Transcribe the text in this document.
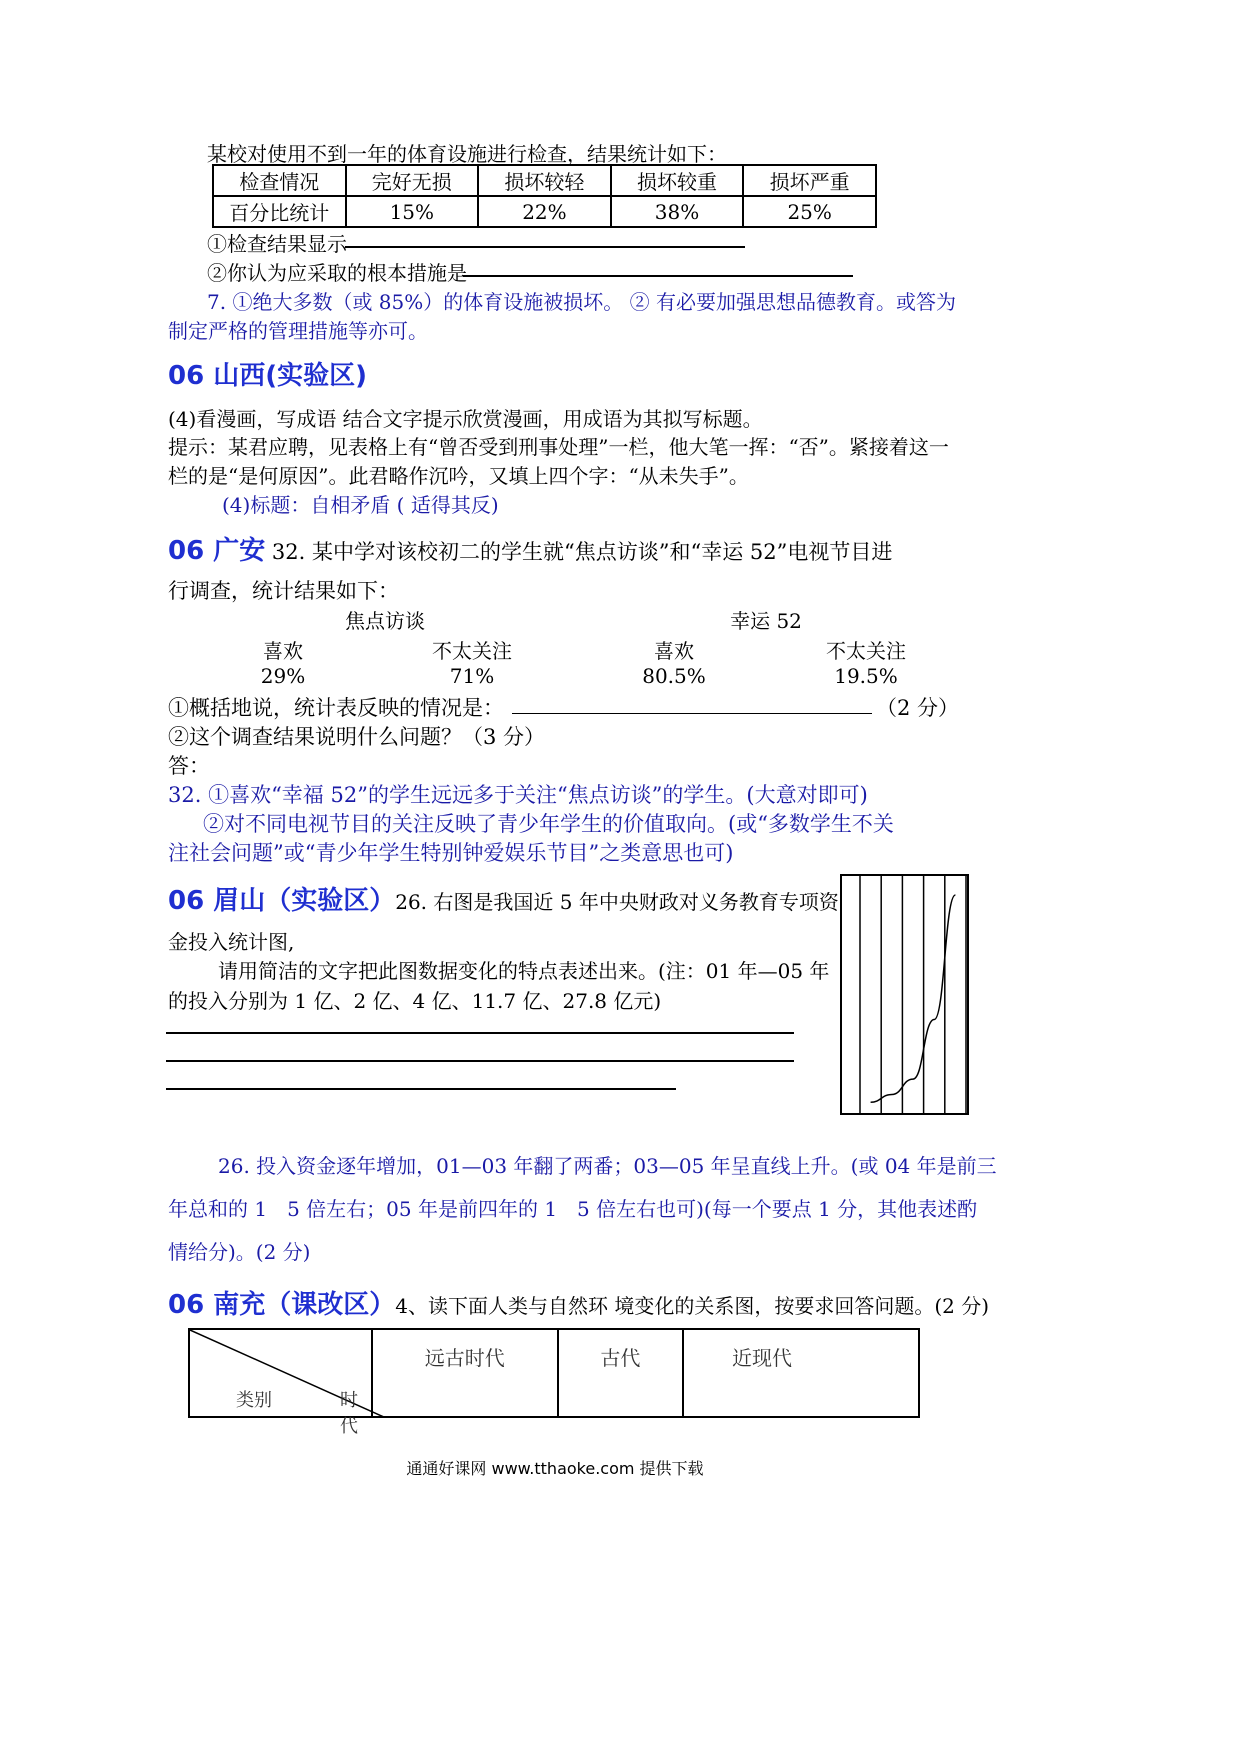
某校对使用不到一年的体育设施进行检查，结果统计如下：
检查情况	完好无损	损坏较轻	损坏较重	损坏严重
百分比统计	15%	22%	38%	25%
①检查结果显示
②你认为应采取的根本措施是
7. ①绝大多数（或 85%）的体育设施被损坏。 ② 有必要加强思想品德教育。或答为
制定严格的管理措施等亦可。
06 山西(实验区)
(4)看漫画，写成语 结合文字提示欣赏漫画，用成语为其拟写标题。
提示：某君应聘，见表格上有“曾否受到刑事处理”一栏，他大笔一挥：“否”。紧接着这一
栏的是“是何原因”。此君略作沉吟，又填上四个字：“从未失手”。
(4)标题：自相矛盾 ( 适得其反)
06 广安 32. 某中学对该校初二的学生就“焦点访谈”和“幸运 52”电视节目进
行调查，统计结果如下：
焦点访谈	幸运 52
喜欢	不太关注	喜欢	不太关注
29%	71%	80.5%	19.5%
①概括地说，统计表反映的情况是：	（2 分）
②这个调查结果说明什么问题？（3 分）
答：
32. ①喜欢“幸福 52”的学生远远多于关注“焦点访谈”的学生。(大意对即可)
②对不同电视节目的关注反映了青少年学生的价值取向。(或“多数学生不关
注社会问题”或“青少年学生特别钟爱娱乐节目”之类意思也可)
06 眉山（实验区）26. 右图是我国近 5 年中央财政对义务教育专项资
金投入统计图,
请用简洁的文字把此图数据变化的特点表述出来。(注：01 年—05 年
的投入分别为 1 亿、2 亿、4 亿、11.7 亿、27.8 亿元)
26. 投入资金逐年增加，01—03 年翻了两番；03—05 年呈直线上升。(或 04 年是前三
年总和的 1　5 倍左右；05 年是前四年的 1　5 倍左右也可)(每一个要点 1 分，其他表述酌
情给分)。(2 分)
06 南充（课改区）4、读下面人类与自然环 境变化的关系图，按要求回答问题。(2 分)
类别	时代
	远古时代	古代	近现代
通通好课网 www.tthaoke.com 提供下载
